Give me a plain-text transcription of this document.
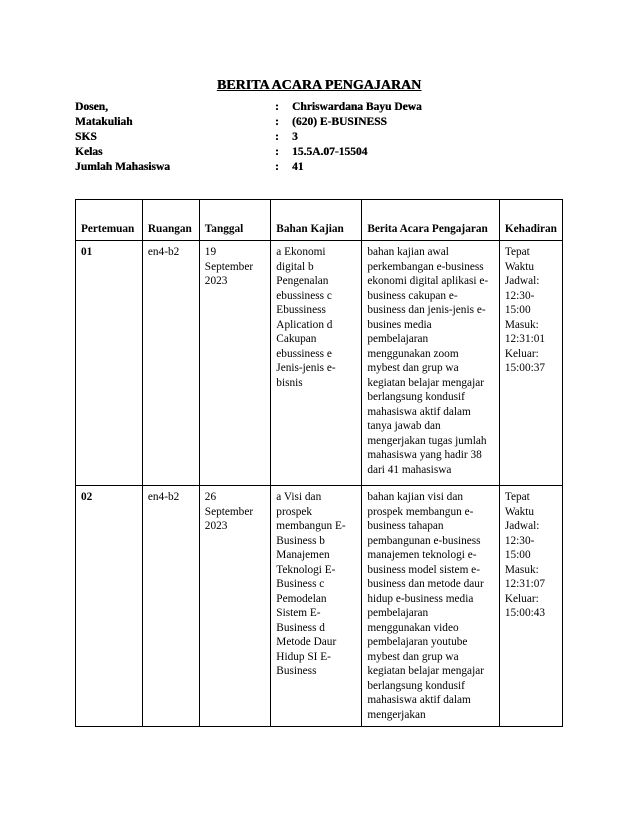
BERITA ACARA PENGAJARAN
Dosen,	:	Chriswardana Bayu Dewa
Matakuliah	:	(620) E-BUSINESS
SKS	:	3
Kelas	:	15.5A.07-15504
Jumlah Mahasiswa	:	41
Pertemuan	Ruangan	Tanggal	Bahan Kajian	Berita Acara Pengajaran	Kehadiran
01	en4-b2	19 September 2023	a Ekonomi digital b Pengenalan ebussiness c Ebussiness Aplication d Cakupan ebussiness e Jenis-jenis e-bisnis	bahan kajian awal perkembangan e-business ekonomi digital aplikasi e-business cakupan e-business dan jenis-jenis e-busines media pembelajaran menggunakan zoom mybest dan grup wa kegiatan belajar mengajar berlangsung kondusif mahasiswa aktif dalam tanya jawab dan mengerjakan tugas jumlah mahasiswa yang hadir 38 dari 41 mahasiswa	Tepat Waktu Jadwal: 12:30-15:00 Masuk: 12:31:01 Keluar: 15:00:37
02	en4-b2	26 September 2023	a Visi dan prospek membangun E-Business b Manajemen Teknologi E-Business c Pemodelan Sistem E-Business d Metode Daur Hidup SI E-Business	bahan kajian visi dan prospek membangun e-business tahapan pembangunan e-business manajemen teknologi e-business model sistem e-business dan metode daur hidup e-business media pembelajaran menggunakan video pembelajaran youtube mybest dan grup wa kegiatan belajar mengajar berlangsung kondusif mahasiswa aktif dalam mengerjakan	Tepat Waktu Jadwal: 12:30-15:00 Masuk: 12:31:07 Keluar: 15:00:43
